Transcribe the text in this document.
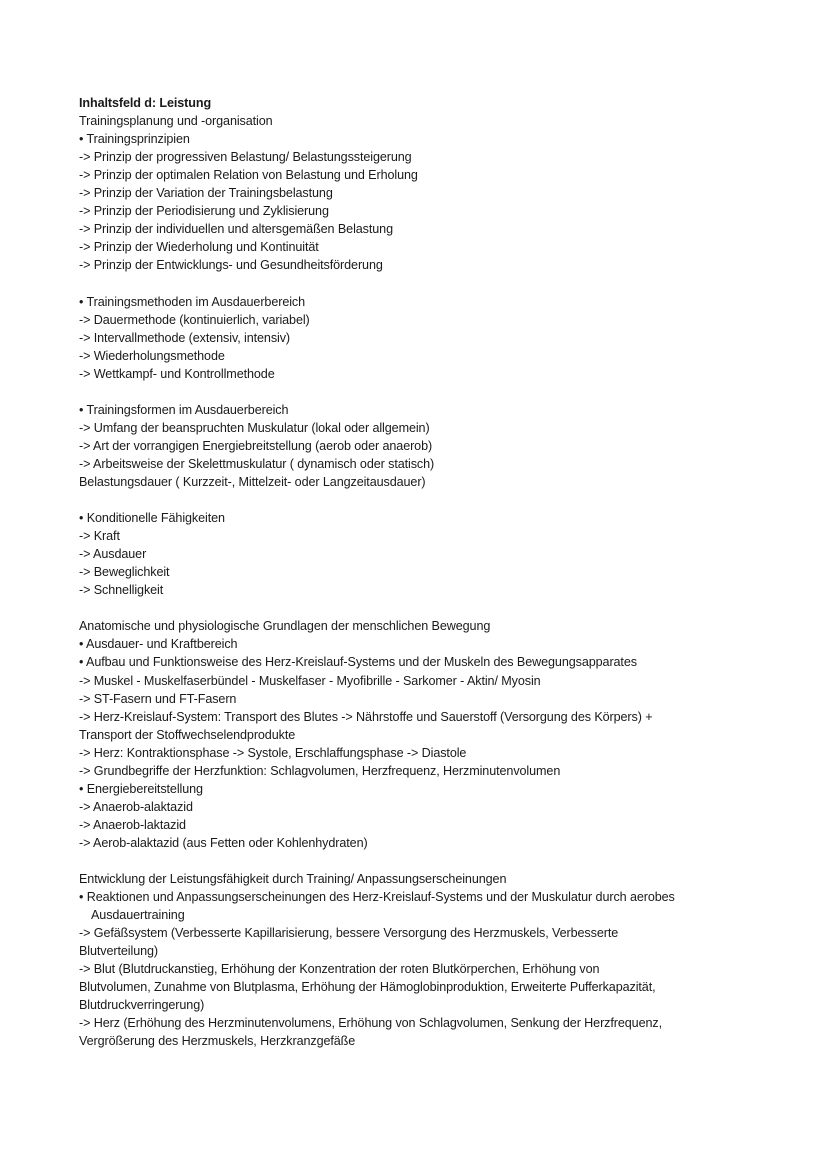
Inhaltsfeld d: Leistung
Trainingsplanung und -organisation
• Trainingsprinzipien
-> Prinzip der progressiven Belastung/ Belastungssteigerung
-> Prinzip der optimalen Relation von Belastung und Erholung
-> Prinzip der Variation der Trainingsbelastung
-> Prinzip der Periodisierung und Zyklisierung
-> Prinzip der individuellen und altersgemäßen Belastung
-> Prinzip der Wiederholung und Kontinuität
-> Prinzip der Entwicklungs- und Gesundheitsförderung
• Trainingsmethoden im Ausdauerbereich
-> Dauermethode (kontinuierlich, variabel)
-> Intervallmethode (extensiv, intensiv)
-> Wiederholungsmethode
-> Wettkampf- und Kontrollmethode
• Trainingsformen im Ausdauerbereich
-> Umfang der beanspruchten Muskulatur (lokal oder allgemein)
-> Art der vorrangigen Energiebreitstellung (aerob oder anaerob)
-> Arbeitsweise der Skelettmuskulatur ( dynamisch oder statisch)
Belastungsdauer ( Kurzzeit-, Mittelzeit- oder Langzeitausdauer)
• Konditionelle Fähigkeiten
-> Kraft
-> Ausdauer
-> Beweglichkeit
-> Schnelligkeit
Anatomische und physiologische Grundlagen der menschlichen Bewegung
• Ausdauer- und Kraftbereich
• Aufbau und Funktionsweise des Herz-Kreislauf-Systems und der Muskeln des Bewegungsapparates
-> Muskel - Muskelfaserbündel - Muskelfaser - Myofibrille - Sarkomer - Aktin/ Myosin
-> ST-Fasern und FT-Fasern
-> Herz-Kreislauf-System: Transport des Blutes -> Nährstoffe und Sauerstoff (Versorgung des Körpers) +
Transport der Stoffwechselendprodukte
-> Herz: Kontraktionsphase -> Systole, Erschlaffungsphase -> Diastole
-> Grundbegriffe der Herzfunktion: Schlagvolumen, Herzfrequenz, Herzminutenvolumen
• Energiebereitstellung
-> Anaerob-alaktazid
-> Anaerob-laktazid
-> Aerob-alaktazid (aus Fetten oder Kohlenhydraten)
Entwicklung der Leistungsfähigkeit durch Training/ Anpassungserscheinungen
• Reaktionen und Anpassungserscheinungen des Herz-Kreislauf-Systems und der Muskulatur durch aerobes
Ausdauertraining
-> Gefäßsystem (Verbesserte Kapillarisierung, bessere Versorgung des Herzmuskels, Verbesserte
Blutverteilung)
-> Blut (Blutdruckanstieg, Erhöhung der Konzentration der roten Blutkörperchen, Erhöhung von
Blutvolumen, Zunahme von Blutplasma, Erhöhung der Hämoglobinproduktion, Erweiterte Pufferkapazität,
Blutdruckverringerung)
-> Herz (Erhöhung des Herzminutenvolumens, Erhöhung von Schlagvolumen, Senkung der Herzfrequenz,
Vergrößerung des Herzmuskels, Herzkranzgefäße
